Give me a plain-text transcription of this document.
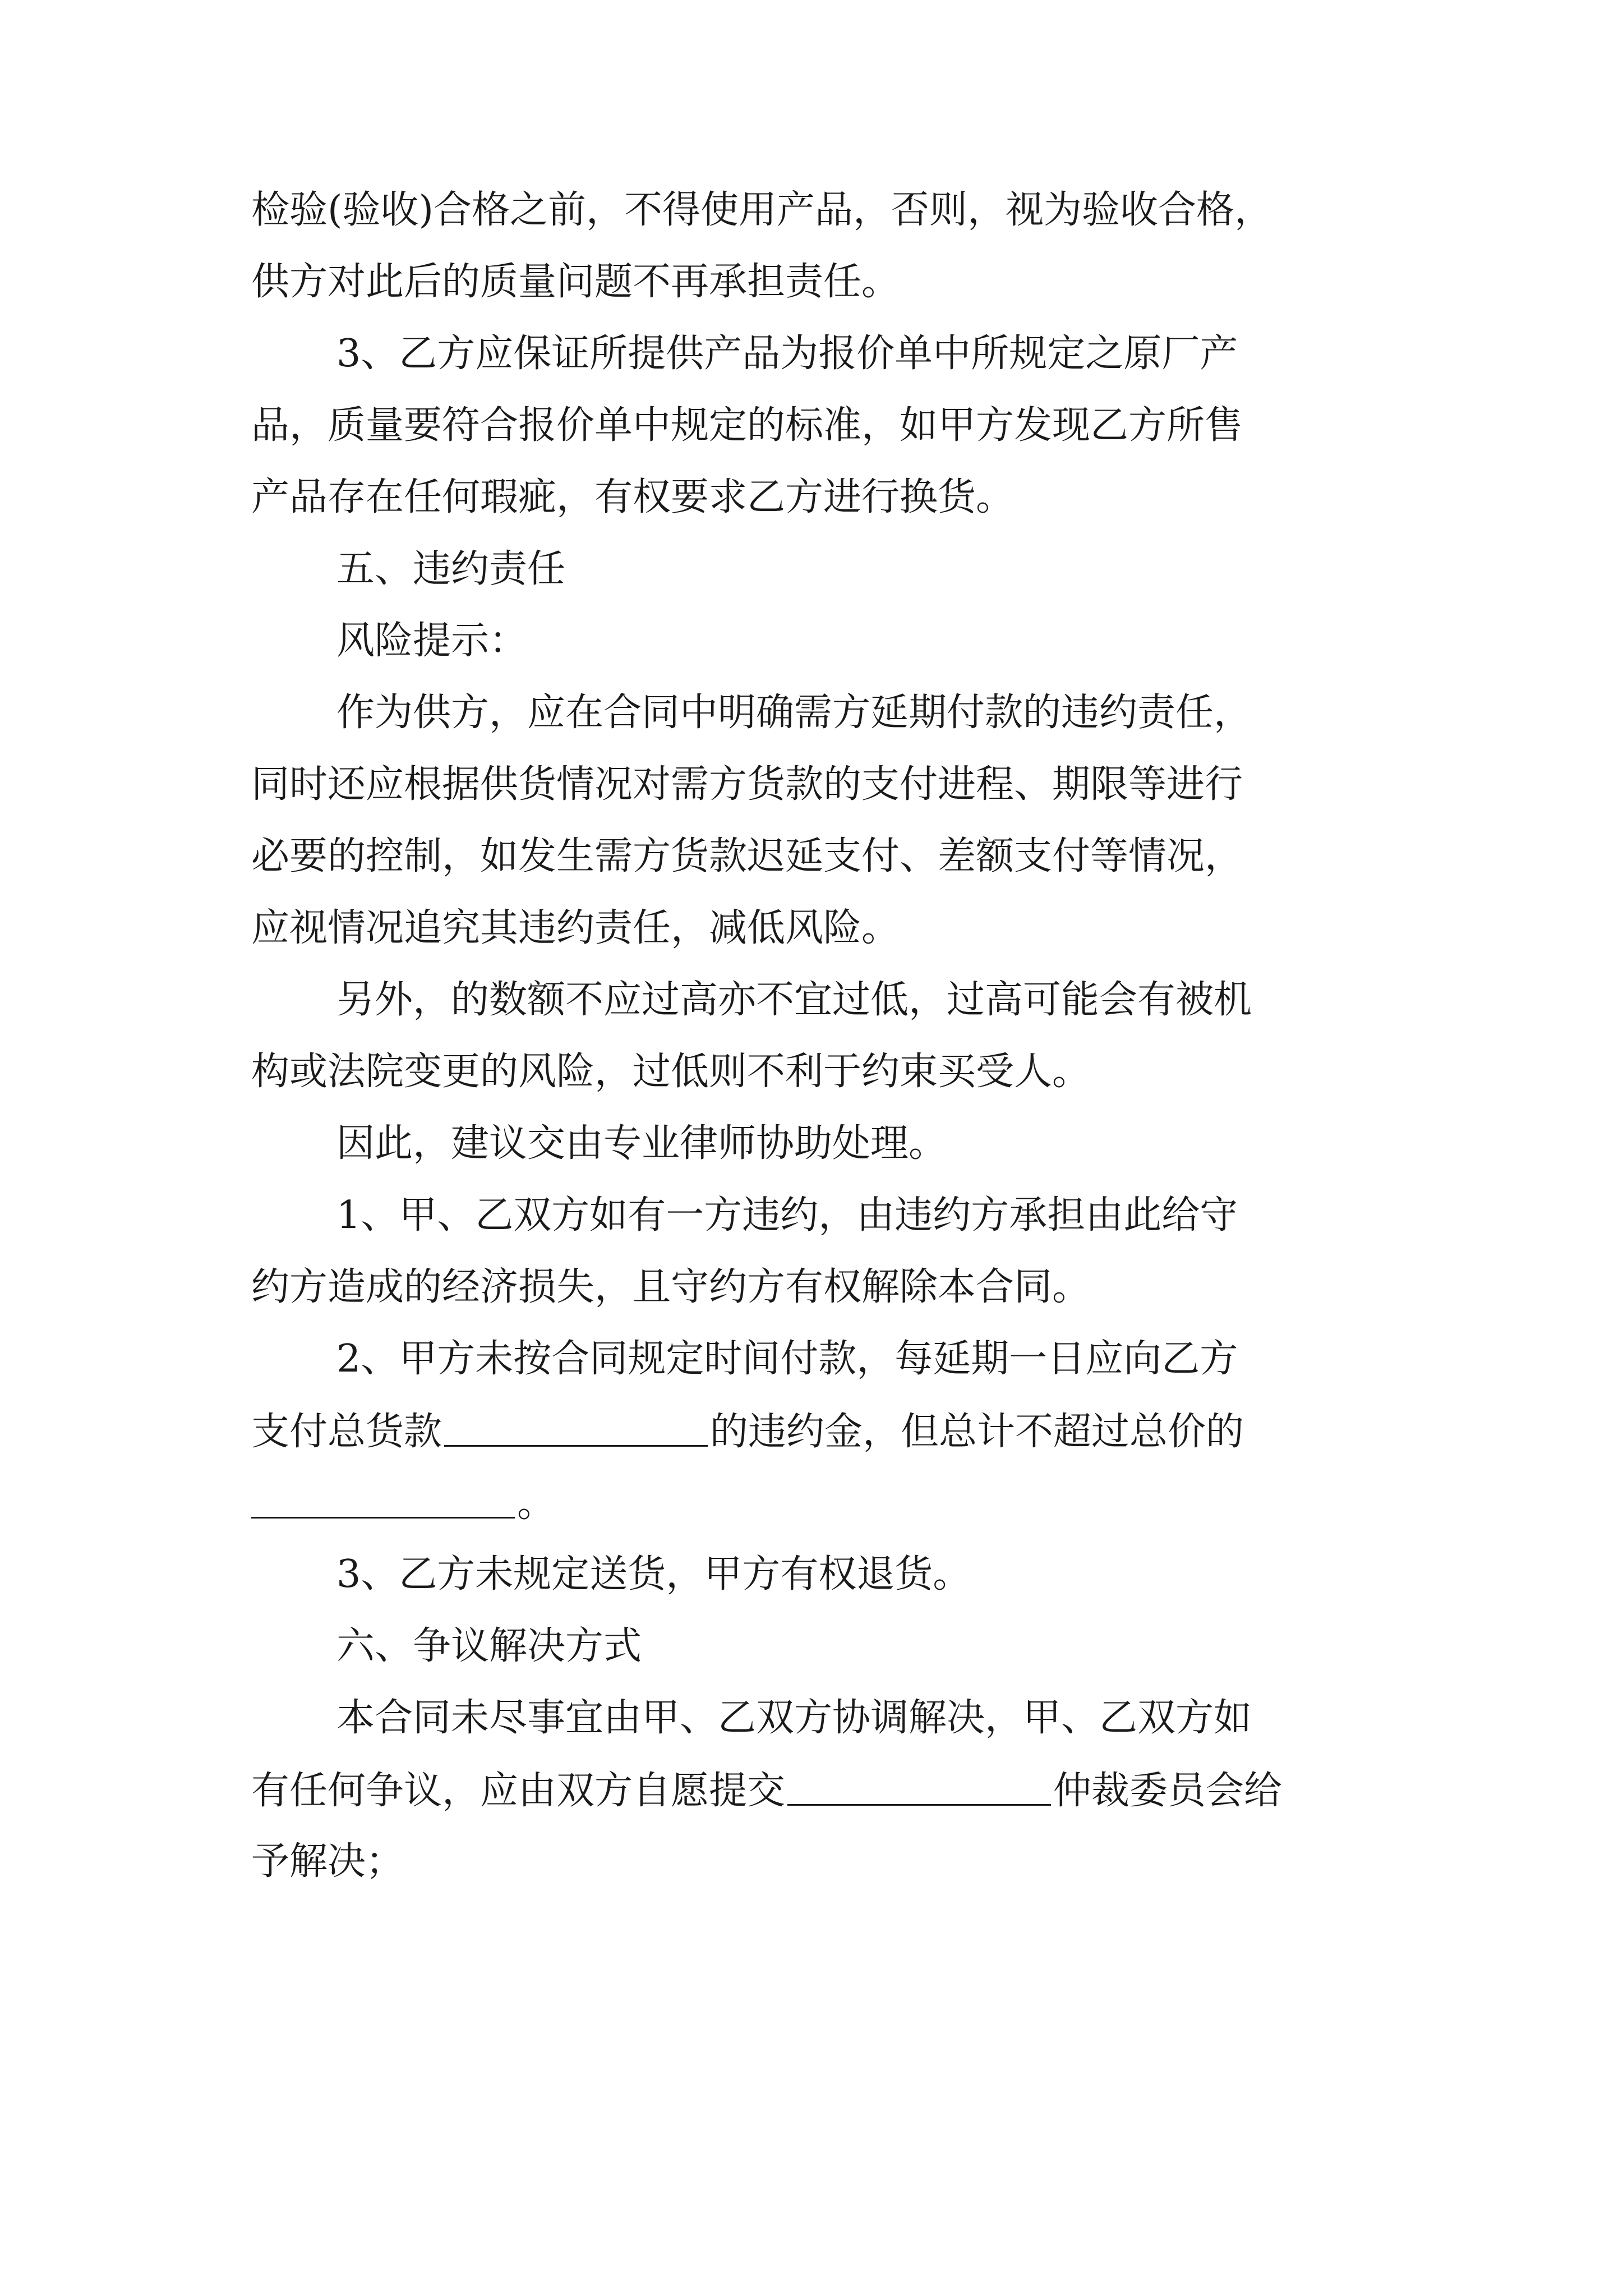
检验(验收)合格之前，不得使用产品，否则，视为验收合格，
供方对此后的质量问题不再承担责任。
3、乙方应保证所提供产品为报价单中所规定之原厂产
品，质量要符合报价单中规定的标准，如甲方发现乙方所售
产品存在任何瑕疵，有权要求乙方进行换货。
五、违约责任
风险提示：
作为供方，应在合同中明确需方延期付款的违约责任，
同时还应根据供货情况对需方货款的支付进程、期限等进行
必要的控制，如发生需方货款迟延支付、差额支付等情况，
应视情况追究其违约责任，减低风险。
另外，的数额不应过高亦不宜过低，过高可能会有被机
构或法院变更的风险，过低则不利于约束买受人。
因此，建议交由专业律师协助处理。
1、甲、乙双方如有一方违约，由违约方承担由此给守
约方造成的经济损失，且守约方有权解除本合同。
2、甲方未按合同规定时间付款，每延期一日应向乙方
支付总货款	的违约金，但总计不超过总价的
。
3、乙方未规定送货，甲方有权退货。
六、争议解决方式
本合同未尽事宜由甲、乙双方协调解决，甲、乙双方如
有任何争议，应由双方自愿提交	仲裁委员会给
予解决；
